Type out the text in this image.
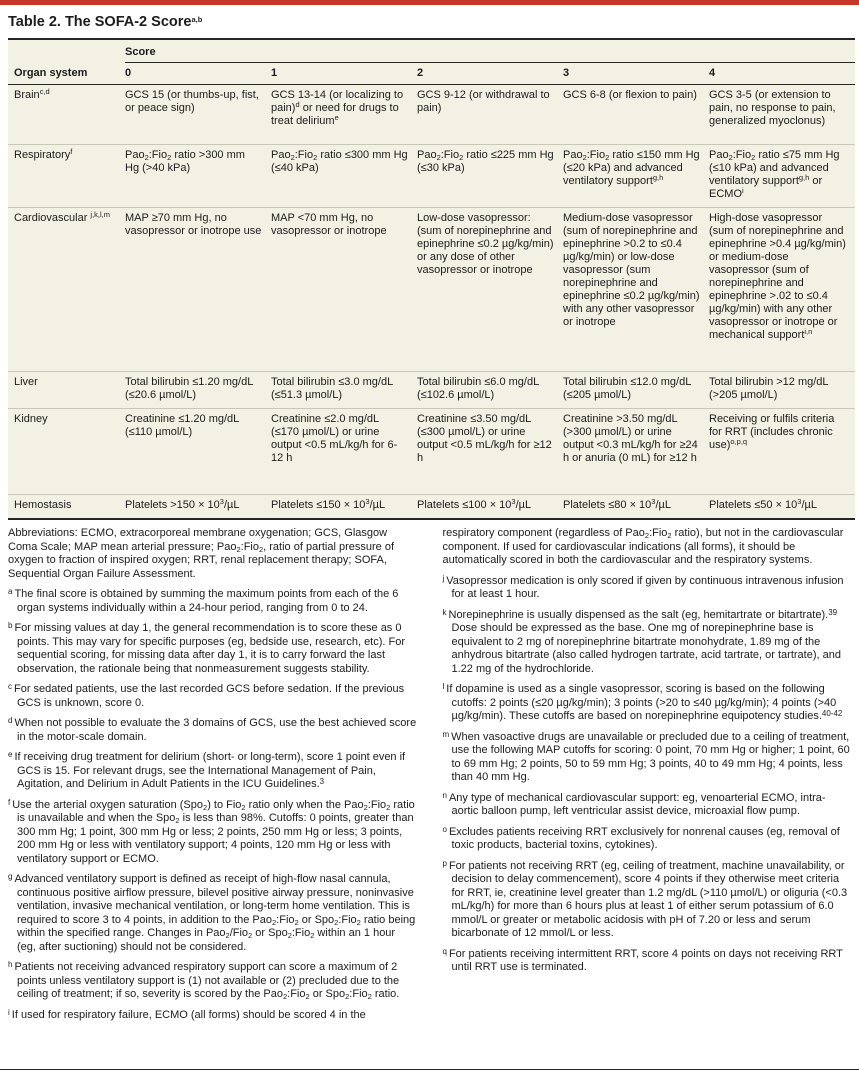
Table 2. The SOFA-2 Score$^{a,b}$
	Score				
Organ system	0	1	2	3	4
Brain$^{c,d}$	GCS 15 (or thumbs-up, fist, or peace sign)	GCS 13-14 (or localizing to pain)$^d$ or need for drugs to treat delirium$^e$	GCS 9-12 (or withdrawal to pain)	GCS 6-8 (or flexion to pain)	GCS 3-5 (or extension to pain, no response to pain, generalized myoclonus)
Respiratory$^f$	Pao$_2$:Fio$_2$ ratio >300 mm Hg (>40 kPa)	Pao$_2$:Fio$_2$ ratio ≤300 mm Hg (≤40 kPa)	Pao$_2$:Fio$_2$ ratio ≤225 mm Hg (≤30 kPa)	Pao$_2$:Fio$_2$ ratio ≤150 mm Hg (≤20 kPa) and advanced ventilatory support$^{g,h}$	Pao$_2$:Fio$_2$ ratio ≤75 mm Hg (≤10 kPa) and advanced ventilatory support$^{g,h}$ or ECMO$^i$
Cardiovascular $^{j,k,l,m}$	MAP ≥70 mm Hg, no vasopressor or inotrope use	MAP <70 mm Hg, no vasopressor or inotrope	Low-dose vasopressor: (sum of norepinephrine and epinephrine ≤0.2 µg/kg/min) or any dose of other vasopressor or inotrope	Medium-dose vasopressor (sum of norepinephrine and epinephrine >0.2 to ≤0.4 µg/kg/min) or low-dose vasopressor (sum norepinephrine and epinephrine ≤0.2 µg/kg/min) with any other vasopressor or inotrope	High-dose vasopressor (sum of norepinephrine and epinephrine >0.4 µg/kg/min) or medium-dose vasopressor (sum of norepinephrine and epinephrine >.02 to ≤0.4 µg/kg/min) with any other vasopressor or inotrope or mechanical support$^{i,n}$
Liver	Total bilirubin ≤1.20 mg/dL (≤20.6 µmol/L)	Total bilirubin ≤3.0 mg/dL (≤51.3 µmol/L)	Total bilirubin ≤6.0 mg/dL (≤102.6 µmol/L)	Total bilirubin ≤12.0 mg/dL (≤205 µmol/L)	Total bilirubin >12 mg/dL (>205 µmol/L)
Kidney	Creatinine ≤1.20 mg/dL (≤110 µmol/L)	Creatinine ≤2.0 mg/dL (≤170 µmol/L) or urine output <0.5 mL/kg/h for 6-12 h	Creatinine ≤3.50 mg/dL (≤300 µmol/L) or urine output <0.5 mL/kg/h for ≥12 h	Creatinine >3.50 mg/dL (>300 µmol/L) or urine output <0.3 mL/kg/h for ≥24 h or anuria (0 mL) for ≥12 h	Receiving or fulfils criteria for RRT (includes chronic use)$^{o,p,q}$
Hemostasis	Platelets $>150 \times 10^3/\mu L$	Platelets $\le 150 \times 10^3/\mu L$	Platelets $\le 100 \times 10^3/\mu L$	Platelets $\le 80 \times 10^3/\mu L$	Platelets $\le 50 \times 10^3/\mu L$

Abbreviations: ECMO, extracorporeal membrane oxygenation; GCS, Glasgow Coma Scale; MAP mean arterial pressure; Pao$_2$:Fio$_2$, ratio of partial pressure of oxygen to fraction of inspired oxygen; RRT, renal replacement therapy; SOFA, Sequential Organ Failure Assessment.

$^a$ The final score is obtained by summing the maximum points from each of the 6 organ systems individually within a 24-hour period, ranging from 0 to 24.

$^b$ For missing values at day 1, the general recommendation is to score these as 0 points. This may vary for specific purposes (eg, bedside use, research, etc). For sequential scoring, for missing data after day 1, it is to carry forward the last observation, the rationale being that nonmeasurement suggests stability.

$^c$ For sedated patients, use the last recorded GCS before sedation. If the previous GCS is unknown, score 0.

$^d$ When not possible to evaluate the 3 domains of GCS, use the best achieved score in the motor-scale domain.

$^e$ If receiving drug treatment for delirium (short- or long-term), score 1 point even if GCS is 15. For relevant drugs, see the International Management of Pain, Agitation, and Delirium in Adult Patients in the ICU Guidelines.$^3$

$^f$ Use the arterial oxygen saturation (Spo$_2$) to Fio$_2$ ratio only when the Pao$_2$:Fio$_2$ ratio is unavailable and when the Spo$_2$ is less than 98%. Cutoffs: 0 points, greater than 300 mm Hg; 1 point, 300 mm Hg or less; 2 points, 250 mm Hg or less; 3 points, 200 mm Hg or less with ventilatory support; 4 points, 120 mm Hg or less with ventilatory support or ECMO.

$^g$ Advanced ventilatory support is defined as receipt of high-flow nasal cannula, continuous positive airflow pressure, bilevel positive airway pressure, noninvasive ventilation, invasive mechanical ventilation, or long-term home ventilation. This is required to score 3 to 4 points, in addition to the Pao$_2$:Fio$_2$ or Spo$_2$:Fio$_2$ ratio being within the specified range. Changes in Pao$_2$/Fio$_2$ or Spo$_2$:Fio$_2$ within an 1 hour (eg, after suctioning) should not be considered.

$^h$ Patients not receiving advanced respiratory support can score a maximum of 2 points unless ventilatory support is (1) not available or (2) precluded due to the ceiling of treatment; if so, severity is scored by the Pao$_2$:Fio$_2$ or Spo$_2$:Fio$_2$ ratio.

$^i$ If used for respiratory failure, ECMO (all forms) should be scored 4 in the

respiratory component (regardless of Pao$_2$:Fio$_2$ ratio), but not in the cardiovascular component. If used for cardiovascular indications (all forms), it should be automatically scored in both the cardiovascular and the respiratory systems.

$^j$ Vasopressor medication is only scored if given by continuous intravenous infusion for at least 1 hour.

$^k$ Norepinephrine is usually dispensed as the salt (eg, hemitartrate or bitartrate).$^{39}$ Dose should be expressed as the base. One mg of norepinephrine base is equivalent to 2 mg of norepinephrine bitartrate monohydrate, 1.89 mg of the anhydrous bitartrate (also called hydrogen tartrate, acid tartrate, or tartrate), and 1.22 mg of the hydrochloride.

$^l$ If dopamine is used as a single vasopressor, scoring is based on the following cutoffs: 2 points (≤20 µg/kg/min); 3 points (>20 to ≤40 µg/kg/min); 4 points (>40 µg/kg/min). These cutoffs are based on norepinephrine equipotency studies.$^{40-42}$

$^m$ When vasoactive drugs are unavailable or precluded due to a ceiling of treatment, use the following MAP cutoffs for scoring: 0 point, 70 mm Hg or higher; 1 point, 60 to 69 mm Hg; 2 points, 50 to 59 mm Hg; 3 points, 40 to 49 mm Hg; 4 points, less than 40 mm Hg.

$^n$ Any type of mechanical cardiovascular support: eg, venoarterial ECMO, intra-aortic balloon pump, left ventricular assist device, microaxial flow pump.

$^o$ Excludes patients receiving RRT exclusively for nonrenal causes (eg, removal of toxic products, bacterial toxins, cytokines).

$^p$ For patients not receiving RRT (eg, ceiling of treatment, machine unavailability, or decision to delay commencement), score 4 points if they otherwise meet criteria for RRT, ie, creatinine level greater than 1.2 mg/dL (>110 µmol/L) or oliguria (<0.3 mL/kg/h) for more than 6 hours plus at least 1 of either serum potassium of 6.0 mmol/L or greater or metabolic acidosis with pH of 7.20 or less and serum bicarbonate of 12 mmol/L or less.

$^q$ For patients receiving intermittent RRT, score 4 points on days not receiving RRT until RRT use is terminated.
